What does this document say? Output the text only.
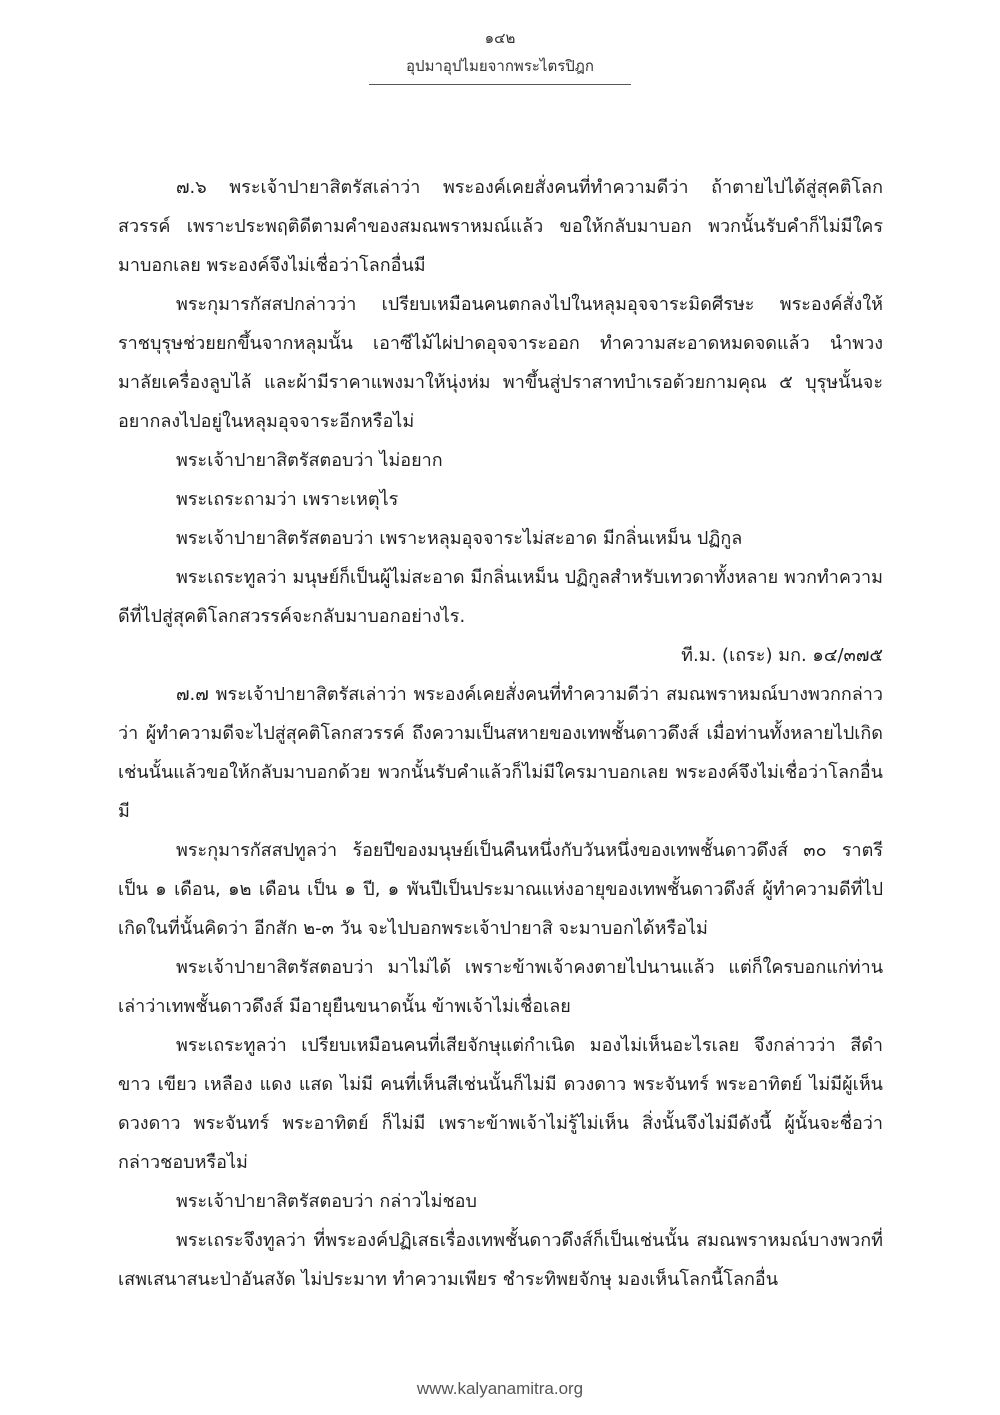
๑๔๒
อุปมาอุปไมยจากพระไตรปิฎก

๗.๖ พระเจ้าปายาสิตรัสเล่าว่า พระองค์เคยสั่งคนที่ทำความดีว่า ถ้าตายไปได้สู่สุคติโลกสวรรค์ เพราะประพฤติดีตามคำของสมณพราหมณ์แล้ว ขอให้กลับมาบอก พวกนั้นรับคำก็ไม่มีใครมาบอกเลย พระองค์จึงไม่เชื่อว่าโลกอื่นมี

พระกุมารกัสสปกล่าวว่า เปรียบเหมือนคนตกลงไปในหลุมอุจจาระมิดศีรษะ พระองค์สั่งให้ราชบุรุษช่วยยกขึ้นจากหลุมนั้น เอาซีไม้ไผ่ปาดอุจจาระออก ทำความสะอาดหมดจดแล้ว นำพวงมาลัยเครื่องลูบไล้ และผ้ามีราคาแพงมาให้นุ่งห่ม พาขึ้นสู่ปราสาทบำเรอด้วยกามคุณ ๕ บุรุษนั้นจะอยากลงไปอยู่ในหลุมอุจจาระอีกหรือไม่

พระเจ้าปายาสิตรัสตอบว่า ไม่อยาก

พระเถระถามว่า เพราะเหตุไร

พระเจ้าปายาสิตรัสตอบว่า เพราะหลุมอุจจาระไม่สะอาด มีกลิ่นเหม็น ปฏิกูล

พระเถระทูลว่า มนุษย์ก็เป็นผู้ไม่สะอาด มีกลิ่นเหม็น ปฏิกูลสำหรับเทวดาทั้งหลาย พวกทำความดีที่ไปสู่สุคติโลกสวรรค์จะกลับมาบอกอย่างไร.

ที.ม. (เถระ) มก. ๑๔/๓๗๕

๗.๗ พระเจ้าปายาสิตรัสเล่าว่า พระองค์เคยสั่งคนที่ทำความดีว่า สมณพราหมณ์บางพวกกล่าวว่า ผู้ทำความดีจะไปสู่สุคติโลกสวรรค์ ถึงความเป็นสหายของเทพชั้นดาวดึงส์ เมื่อท่านทั้งหลายไปเกิดเช่นนั้นแล้วขอให้กลับมาบอกด้วย พวกนั้นรับคำแล้วก็ไม่มีใครมาบอกเลย พระองค์จึงไม่เชื่อว่าโลกอื่นมี

พระกุมารกัสสปทูลว่า ร้อยปีของมนุษย์เป็นคืนหนึ่งกับวันหนึ่งของเทพชั้นดาวดึงส์ ๓๐ ราตรี เป็น ๑ เดือน, ๑๒ เดือน เป็น ๑ ปี, ๑ พันปีเป็นประมาณแห่งอายุของเทพชั้นดาวดึงส์ ผู้ทำความดีที่ไปเกิดในที่นั้นคิดว่า อีกสัก ๒-๓ วัน จะไปบอกพระเจ้าปายาสิ จะมาบอกได้หรือไม่

พระเจ้าปายาสิตรัสตอบว่า มาไม่ได้ เพราะข้าพเจ้าคงตายไปนานแล้ว แต่ก็ใครบอกแก่ท่านเล่าว่าเทพชั้นดาวดึงส์ มีอายุยืนขนาดนั้น ข้าพเจ้าไม่เชื่อเลย

พระเถระทูลว่า เปรียบเหมือนคนที่เสียจักษุแต่กำเนิด มองไม่เห็นอะไรเลย จึงกล่าวว่า สีดำ ขาว เขียว เหลือง แดง แสด ไม่มี คนที่เห็นสีเช่นนั้นก็ไม่มี ดวงดาว พระจันทร์ พระอาทิตย์ ไม่มีผู้เห็นดวงดาว พระจันทร์ พระอาทิตย์ ก็ไม่มี เพราะข้าพเจ้าไม่รู้ไม่เห็น สิ่งนั้นจึงไม่มีดังนี้ ผู้นั้นจะชื่อว่า กล่าวชอบหรือไม่

พระเจ้าปายาสิตรัสตอบว่า กล่าวไม่ชอบ

พระเถระจึงทูลว่า ที่พระองค์ปฏิเสธเรื่องเทพชั้นดาวดึงส์ก็เป็นเช่นนั้น สมณพราหมณ์บางพวกที่เสพเสนาสนะป่าอันสงัด ไม่ประมาท ทำความเพียร ชำระทิพยจักษุ มองเห็นโลกนี้โลกอื่น

www.kalyanamitra.org
